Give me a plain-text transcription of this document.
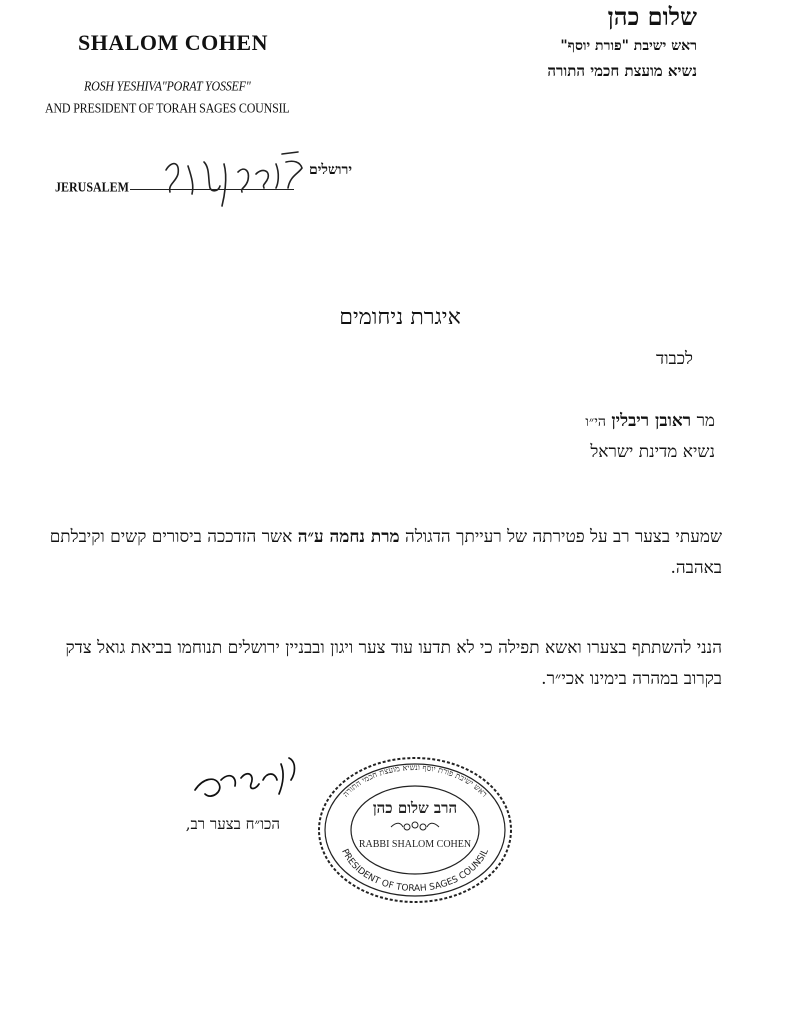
SHALOM COHEN
ROSH YESHIVA"PORAT YOSSEF"
AND PRESIDENT OF TORAH SAGES COUNSIL
שלום כהן
ראש ישיבת "פורת יוסף"
נשיא מועצת חכמי התורה
JERUSALEM
ירושלים
איגרת ניחומים
לכבוד
מר ראובן ריבלין הי״ו
נשיא מדינת ישראל
שמעתי בצער רב על פטירתה של רעייתך הדגולה מרת נחמה ע״ה אשר הזדככה ביסורים קשים וקיבלתם באהבה.
הנני להשתתף בצערו ואשא תפילה כי לא תדעו עוד צער ויגון ובבניין ירושלים תנוחמו בביאת גואל צדק בקרוב במהרה בימינו אכי״ר.
הכו״ח בצער רב,
ראש ישיבת פורת יוסף ונשיא מועצת חכמי התורה
PRESIDENT OF TORAH SAGES COUNSIL
הרב שלום כהן
RABBI SHALOM COHEN
